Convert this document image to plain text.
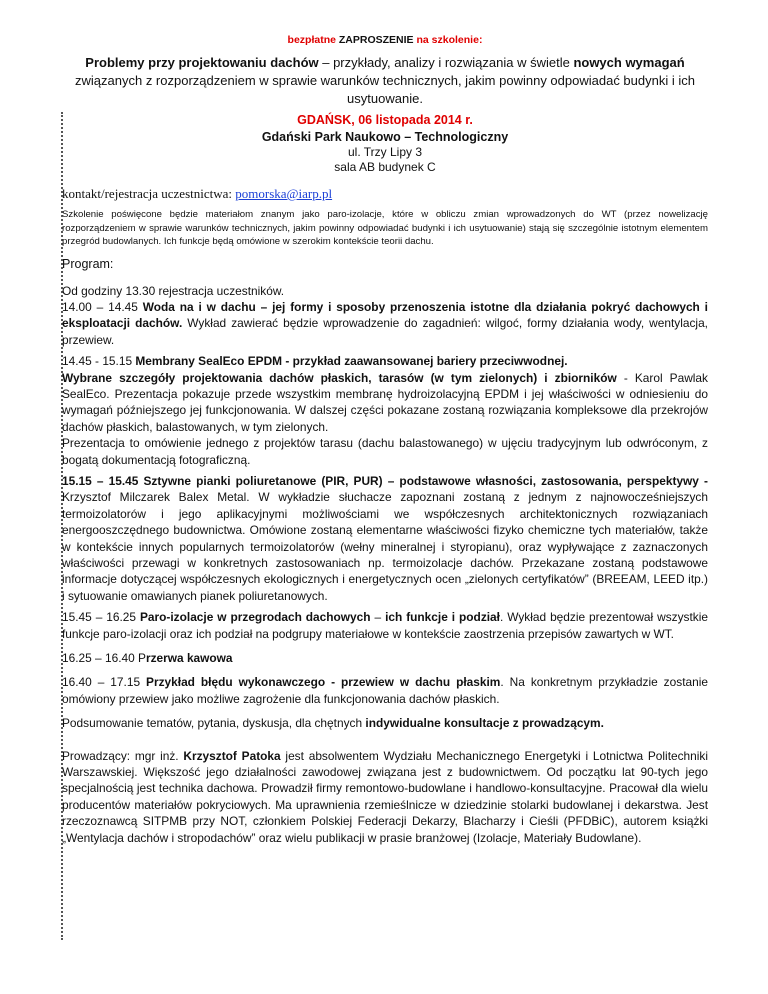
bezpłatne ZAPROSZENIE na szkolenie:

Problemy przy projektowaniu dachów – przykłady, analizy i rozwiązania w świetle nowych wymagań związanych z rozporządzeniem w sprawie warunków technicznych, jakim powinny odpowiadać budynki i ich usytuowanie.

GDAŃSK, 06 listopada 2014 r.

Gdański Park Naukowo – Technologiczny

ul. Trzy Lipy 3

sala AB budynek C

kontakt/rejestracja uczestnictwa: pomorska@iarp.pl

Szkolenie poświęcone będzie materiałom znanym jako paro-izolacje, które w obliczu zmian wprowadzonych do WT (przez nowelizację rozporządzeniem w sprawie warunków technicznych, jakim powinny odpowiadać budynki i ich usytuowanie) stają się szczególnie istotnym elementem przegród budowlanych. Ich funkcje będą omówione w szerokim kontekście teorii dachu.

Program:

Od godziny 13.30 rejestracja uczestników.

14.00 – 14.45 Woda na i w dachu – jej formy i sposoby przenoszenia istotne dla działania pokryć dachowych i eksploatacji dachów. Wykład zawierać będzie wprowadzenie do zagadnień: wilgoć, formy działania wody, wentylacja, przewiew.

14.45 - 15.15 Membrany SealEco EPDM - przykład zaawansowanej bariery przeciwwodnej.

Wybrane szczegóły projektowania dachów płaskich, tarasów (w tym zielonych) i zbiorników - Karol Pawlak SealEco. Prezentacja pokazuje przede wszystkim membranę hydroizolacyjną EPDM i jej właściwości w odniesieniu do wymagań późniejszego jej funkcjonowania. W dalszej części pokazane zostaną rozwiązania kompleksowe dla przekrojów dachów płaskich, balastowanych, w tym zielonych.

Prezentacja to omówienie jednego z projektów tarasu (dachu balastowanego) w ujęciu tradycyjnym lub odwróconym, z bogatą dokumentacją fotograficzną.

15.15 – 15.45 Sztywne pianki poliuretanowe (PIR, PUR) – podstawowe własności, zastosowania, perspektywy - Krzysztof Milczarek Balex Metal. W wykładzie słuchacze zapoznani zostaną z jednym z najnowocześniejszych termoizolatorów i jego aplikacyjnymi możliwościami we współczesnych architektonicznych rozwiązaniach energooszczędnego budownictwa. Omówione zostaną elementarne właściwości fizyko chemiczne tych materiałów, także w kontekście innych popularnych termoizolatorów (wełny mineralnej i styropianu), oraz wypływające z zaznaczonych właściwości przewagi w konkretnych zastosowaniach np. termoizolacje dachów. Przekazane zostaną podstawowe informacje dotyczącej współczesnych ekologicznych i energetycznych ocen „zielonych certyfikatów” (BREEAM, LEED itp.) i sytuowanie omawianych pianek poliuretanowych.

15.45 – 16.25 Paro-izolacje w przegrodach dachowych – ich funkcje i podział. Wykład będzie prezentował wszystkie funkcje paro-izolacji oraz ich podział na podgrupy materiałowe w kontekście zaostrzenia przepisów zawartych w WT.

16.25 – 16.40 Przerwa kawowa

16.40 – 17.15 Przykład błędu wykonawczego - przewiew w dachu płaskim. Na konkretnym przykładzie zostanie omówiony przewiew jako możliwe zagrożenie dla funkcjonowania dachów płaskich.

Podsumowanie tematów, pytania, dyskusja, dla chętnych indywidualne konsultacje z prowadzącym.

Prowadzący: mgr inż. Krzysztof Patoka jest absolwentem Wydziału Mechanicznego Energetyki i Lotnictwa Politechniki Warszawskiej. Większość jego działalności zawodowej związana jest z budownictwem. Od początku lat 90-tych jego specjalnością jest technika dachowa. Prowadził firmy remontowo-budowlane i handlowo-konsultacyjne. Pracował dla wielu producentów materiałów pokryciowych. Ma uprawnienia rzemieślnicze w dziedzinie stolarki budowlanej i dekarstwa. Jest rzeczoznawcą SITPMB przy NOT, członkiem Polskiej Federacji Dekarzy, Blacharzy i Cieśli (PFDBiC), autorem książki „Wentylacja dachów i stropodachów” oraz wielu publikacji w prasie branżowej (Izolacje, Materiały Budowlane).
